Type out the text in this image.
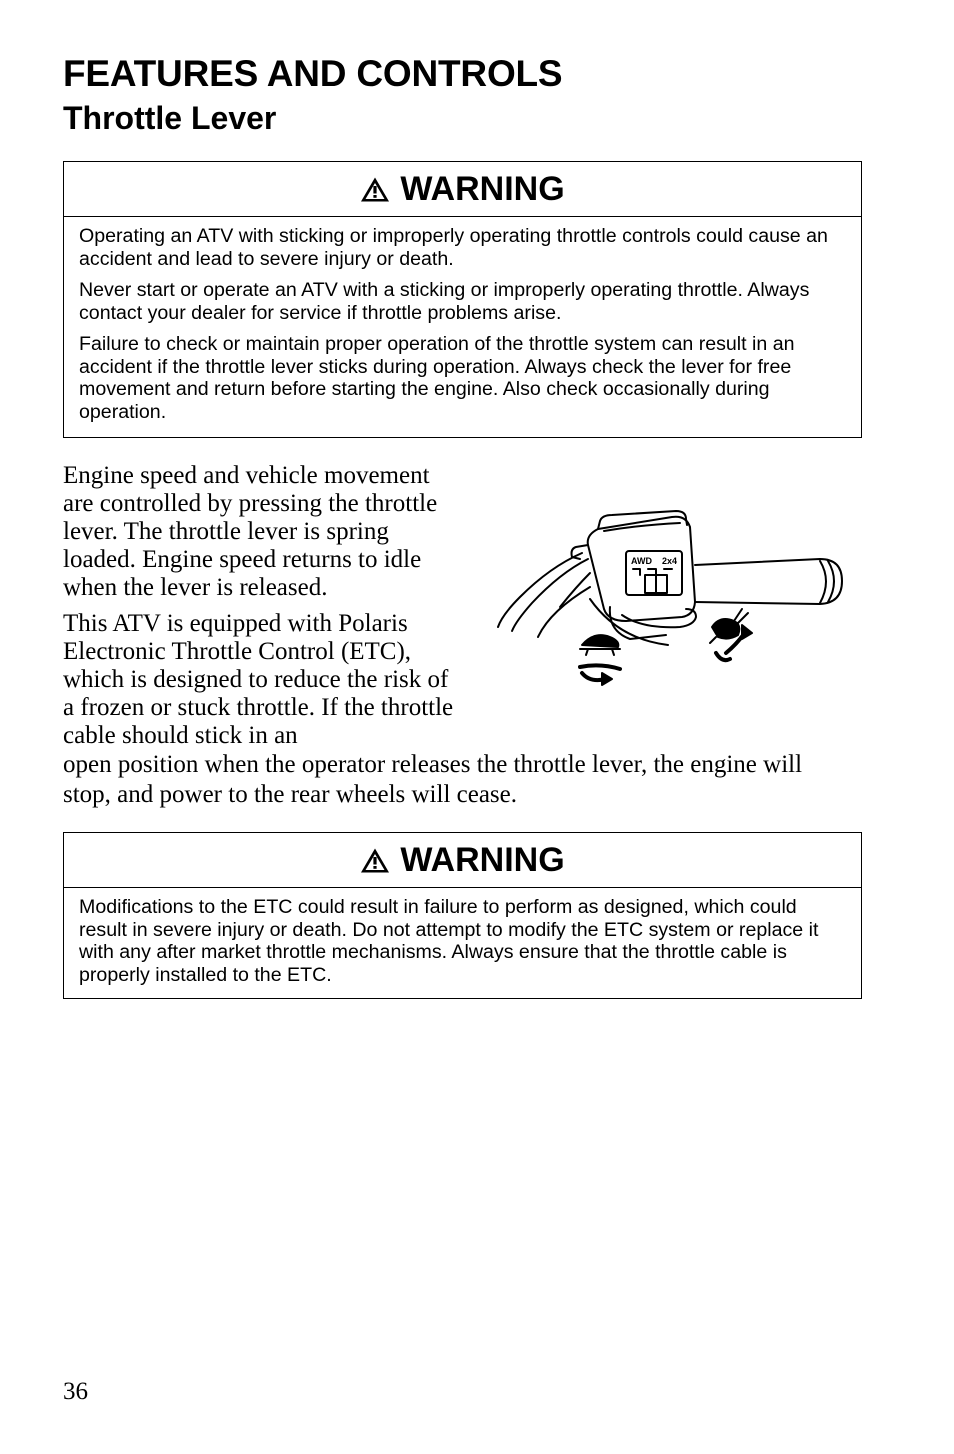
FEATURES AND CONTROLS
Throttle Lever
WARNING

Operating an ATV with sticking or improperly operating throttle controls could cause an accident and lead to severe injury or death.

Never start or operate an ATV with a sticking or improperly operating throttle. Always contact your dealer for service if throttle problems arise.

Failure to check or maintain proper operation of the throttle system can result in an accident if the throttle lever sticks during operation. Always check the lever for free movement and return before starting the engine. Also check occasionally during operation.

Engine speed and vehicle movement are controlled by pressing the throttle lever. The throttle lever is spring loaded. Engine speed returns to idle when the lever is released.

This ATV is equipped with Polaris Electronic Throttle Control (ETC), which is designed to reduce the risk of a frozen or stuck throttle. If the throttle cable should stick in an

open position when the operator releases the throttle lever, the engine will stop, and power to the rear wheels will cease.

AWD 2x4
WARNING

Modifications to the ETC could result in failure to perform as designed, which could result in severe injury or death. Do not attempt to modify the ETC system or replace it with any after market throttle mechanisms. Always ensure that the throttle cable is properly installed to the ETC.

36
